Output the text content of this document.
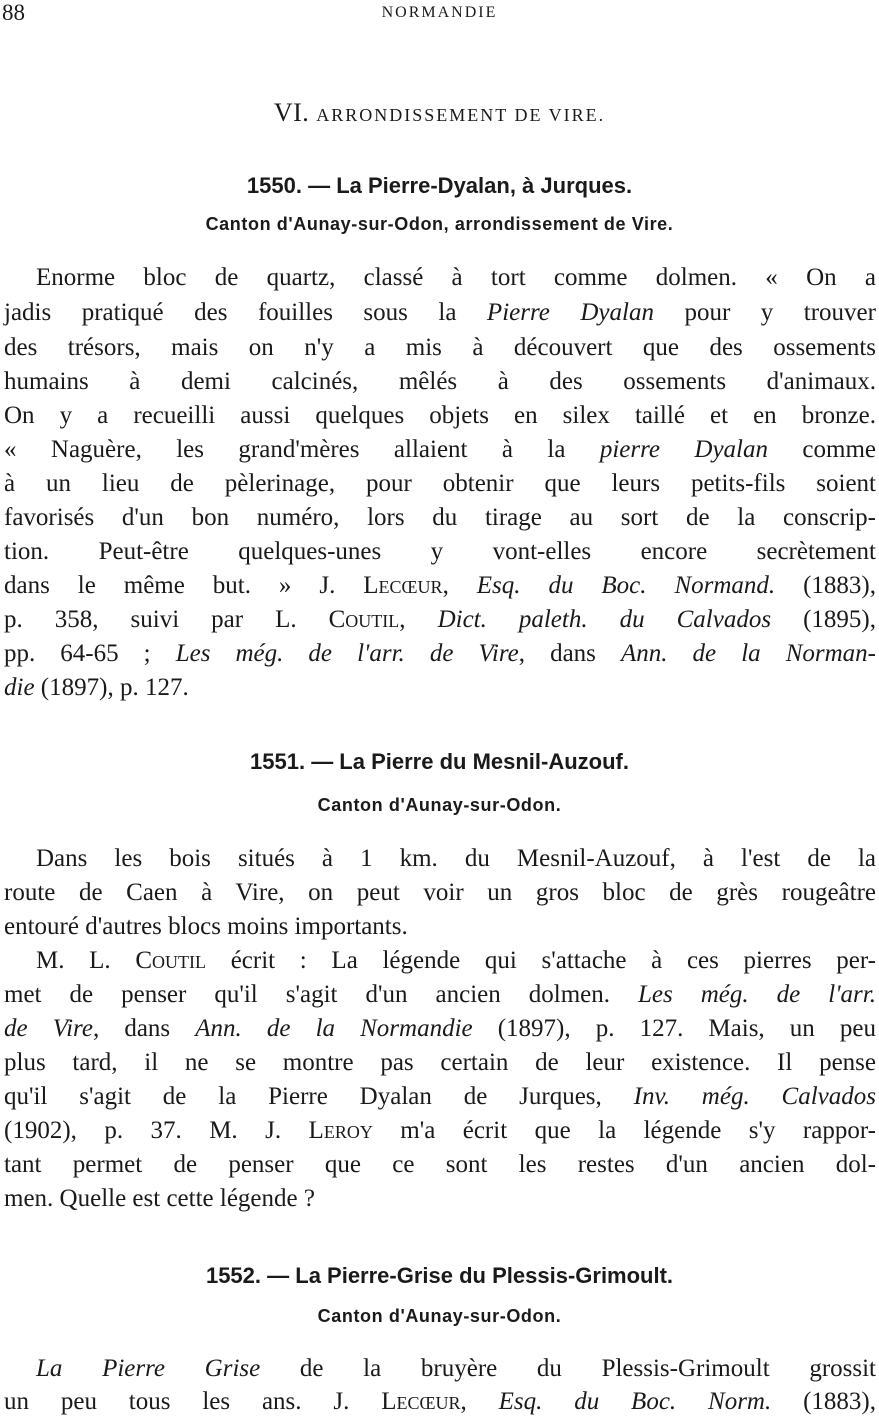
88	NORMANDIE
VI. ARRONDISSEMENT DE VIRE.
1550. — La Pierre-Dyalan, à Jurques.
Canton d'Aunay-sur-Odon, arrondissement de Vire.
Enorme bloc de quartz, classé à tort comme dolmen. « On a
jadis pratiqué des fouilles sous la Pierre Dyalan pour y trouver
des trésors, mais on n'y a mis à découvert que des ossements
humains à demi calcinés, mêlés à des ossements d'animaux.
On y a recueilli aussi quelques objets en silex taillé et en bronze.
« Naguère, les grand'mères allaient à la pierre Dyalan comme
à un lieu de pèlerinage, pour obtenir que leurs petits-fils soient
favorisés d'un bon numéro, lors du tirage au sort de la conscrip-
tion. Peut-être quelques-unes y vont-elles encore secrètement
dans le même but. » J. Lecœur, Esq. du Boc. Normand. (1883),
p. 358, suivi par L. Coutil, Dict. paleth. du Calvados (1895),
pp. 64-65 ; Les még. de l'arr. de Vire, dans Ann. de la Norman-
die (1897), p. 127.
1551. — La Pierre du Mesnil-Auzouf.
Canton d'Aunay-sur-Odon.
Dans les bois situés à 1 km. du Mesnil-Auzouf, à l'est de la
route de Caen à Vire, on peut voir un gros bloc de grès rougeâtre
entouré d'autres blocs moins importants.
M. L. Coutil écrit : La légende qui s'attache à ces pierres per-
met de penser qu'il s'agit d'un ancien dolmen. Les még. de l'arr.
de Vire, dans Ann. de la Normandie (1897), p. 127. Mais, un peu
plus tard, il ne se montre pas certain de leur existence. Il pense
qu'il s'agit de la Pierre Dyalan de Jurques, Inv. még. Calvados
(1902), p. 37. M. J. Leroy m'a écrit que la légende s'y rappor-
tant permet de penser que ce sont les restes d'un ancien dol-
men. Quelle est cette légende ?
1552. — La Pierre-Grise du Plessis-Grimoult.
Canton d'Aunay-sur-Odon.
La Pierre Grise de la bruyère du Plessis-Grimoult grossit
un peu tous les ans. J. Lecœur, Esq. du Boc. Norm. (1883),
